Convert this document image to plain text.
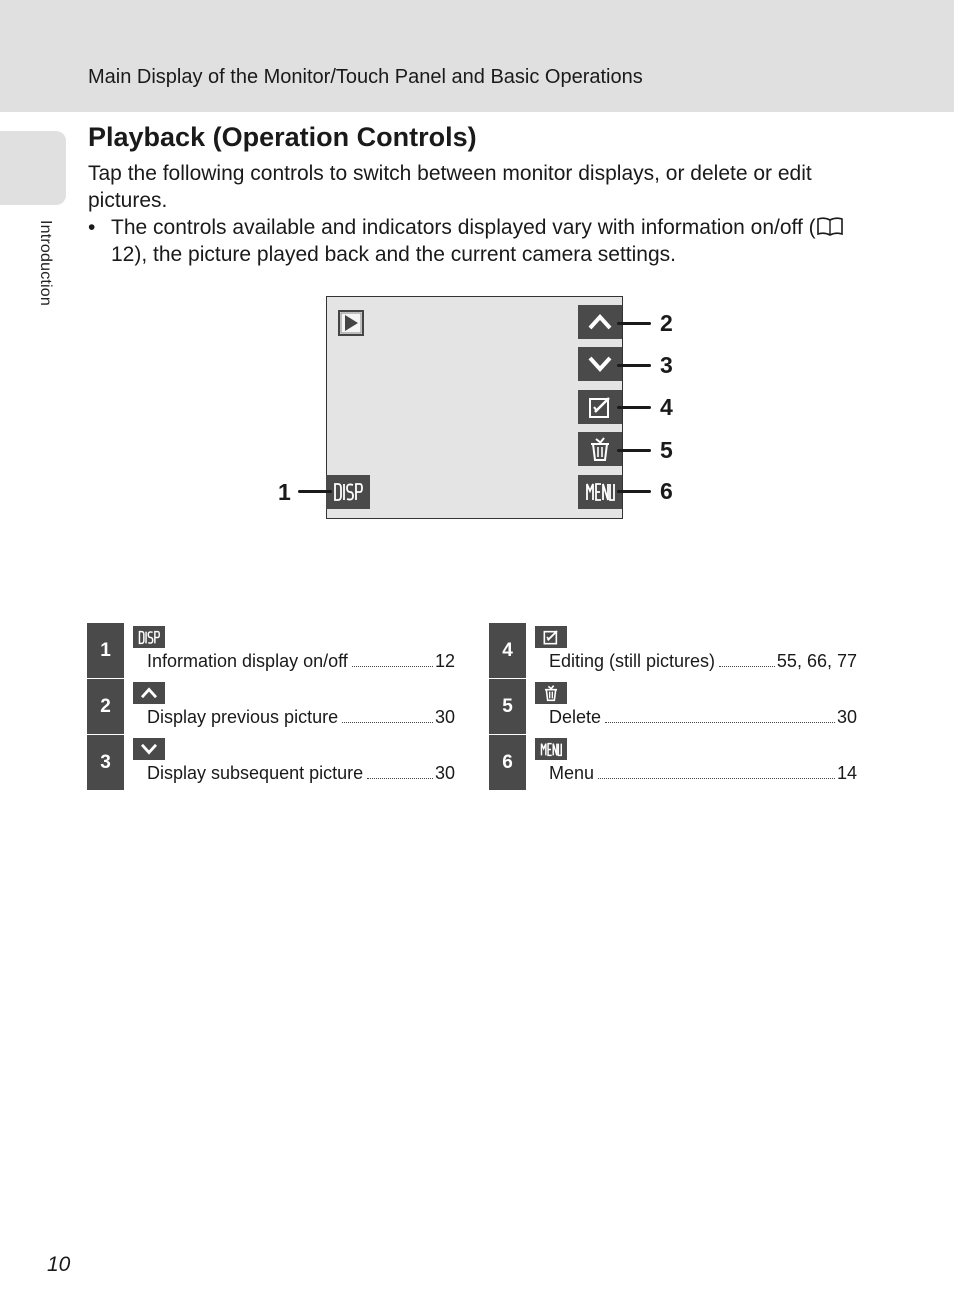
Main Display of the Monitor/Touch Panel and Basic Operations
Introduction
Playback (Operation Controls)

Tap the following controls to switch between monitor displays, or delete or edit pictures.

• The controls available and indicators displayed vary with information on/off (
12), the picture played back and the current camera settings.
1
2
3
4
5
6
1
Information display on/off	12
2
Display previous picture	30
3
Display subsequent picture	30
4
Editing (still pictures)	55, 66, 77
5
Delete	30
6
Menu	14
10
